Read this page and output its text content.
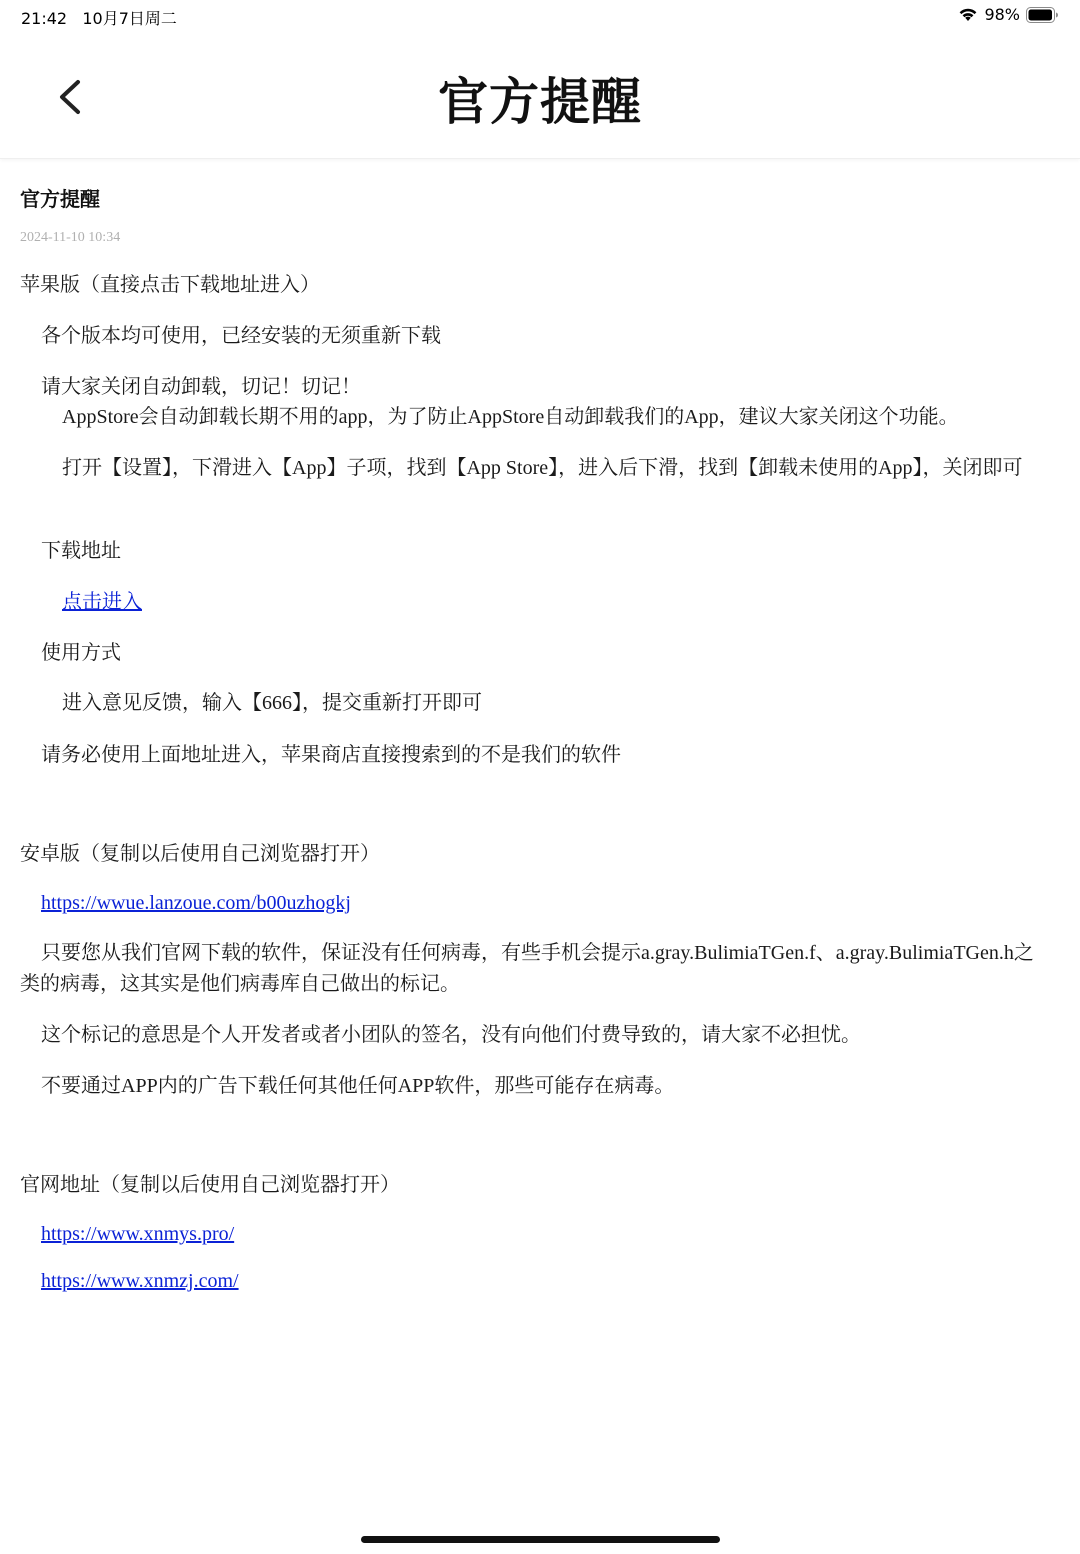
21:42 10月7日周二	98%
官方提醒
官方提醒
2024-11-10 10:34
苹果版（直接点击下载地址进入）
各个版本均可使用，已经安装的无须重新下载
请大家关闭自动卸载，切记！切记！
AppStore会自动卸载长期不用的app，为了防止AppStore自动卸载我们的App，建议大家关闭这个功能。
打开【设置】，下滑进入【App】子项，找到【App Store】，进入后下滑，找到【卸载未使用的App】，关闭即可
下载地址
点击进入
使用方式
进入意见反馈，输入【666】，提交重新打开即可
请务必使用上面地址进入，苹果商店直接搜索到的不是我们的软件
安卓版（复制以后使用自己浏览器打开）
https://wwue.lanzoue.com/b00uzhogkj
只要您从我们官网下载的软件，保证没有任何病毒，有些手机会提示a.gray.BulimiaTGen.f、a.gray.BulimiaTGen.h之类的病毒，这其实是他们病毒库自己做出的标记。
这个标记的意思是个人开发者或者小团队的签名，没有向他们付费导致的，请大家不必担忧。
不要通过APP内的广告下载任何其他任何APP软件，那些可能存在病毒。
官网地址（复制以后使用自己浏览器打开）
https://www.xnmys.pro/
https://www.xnmzj.com/
